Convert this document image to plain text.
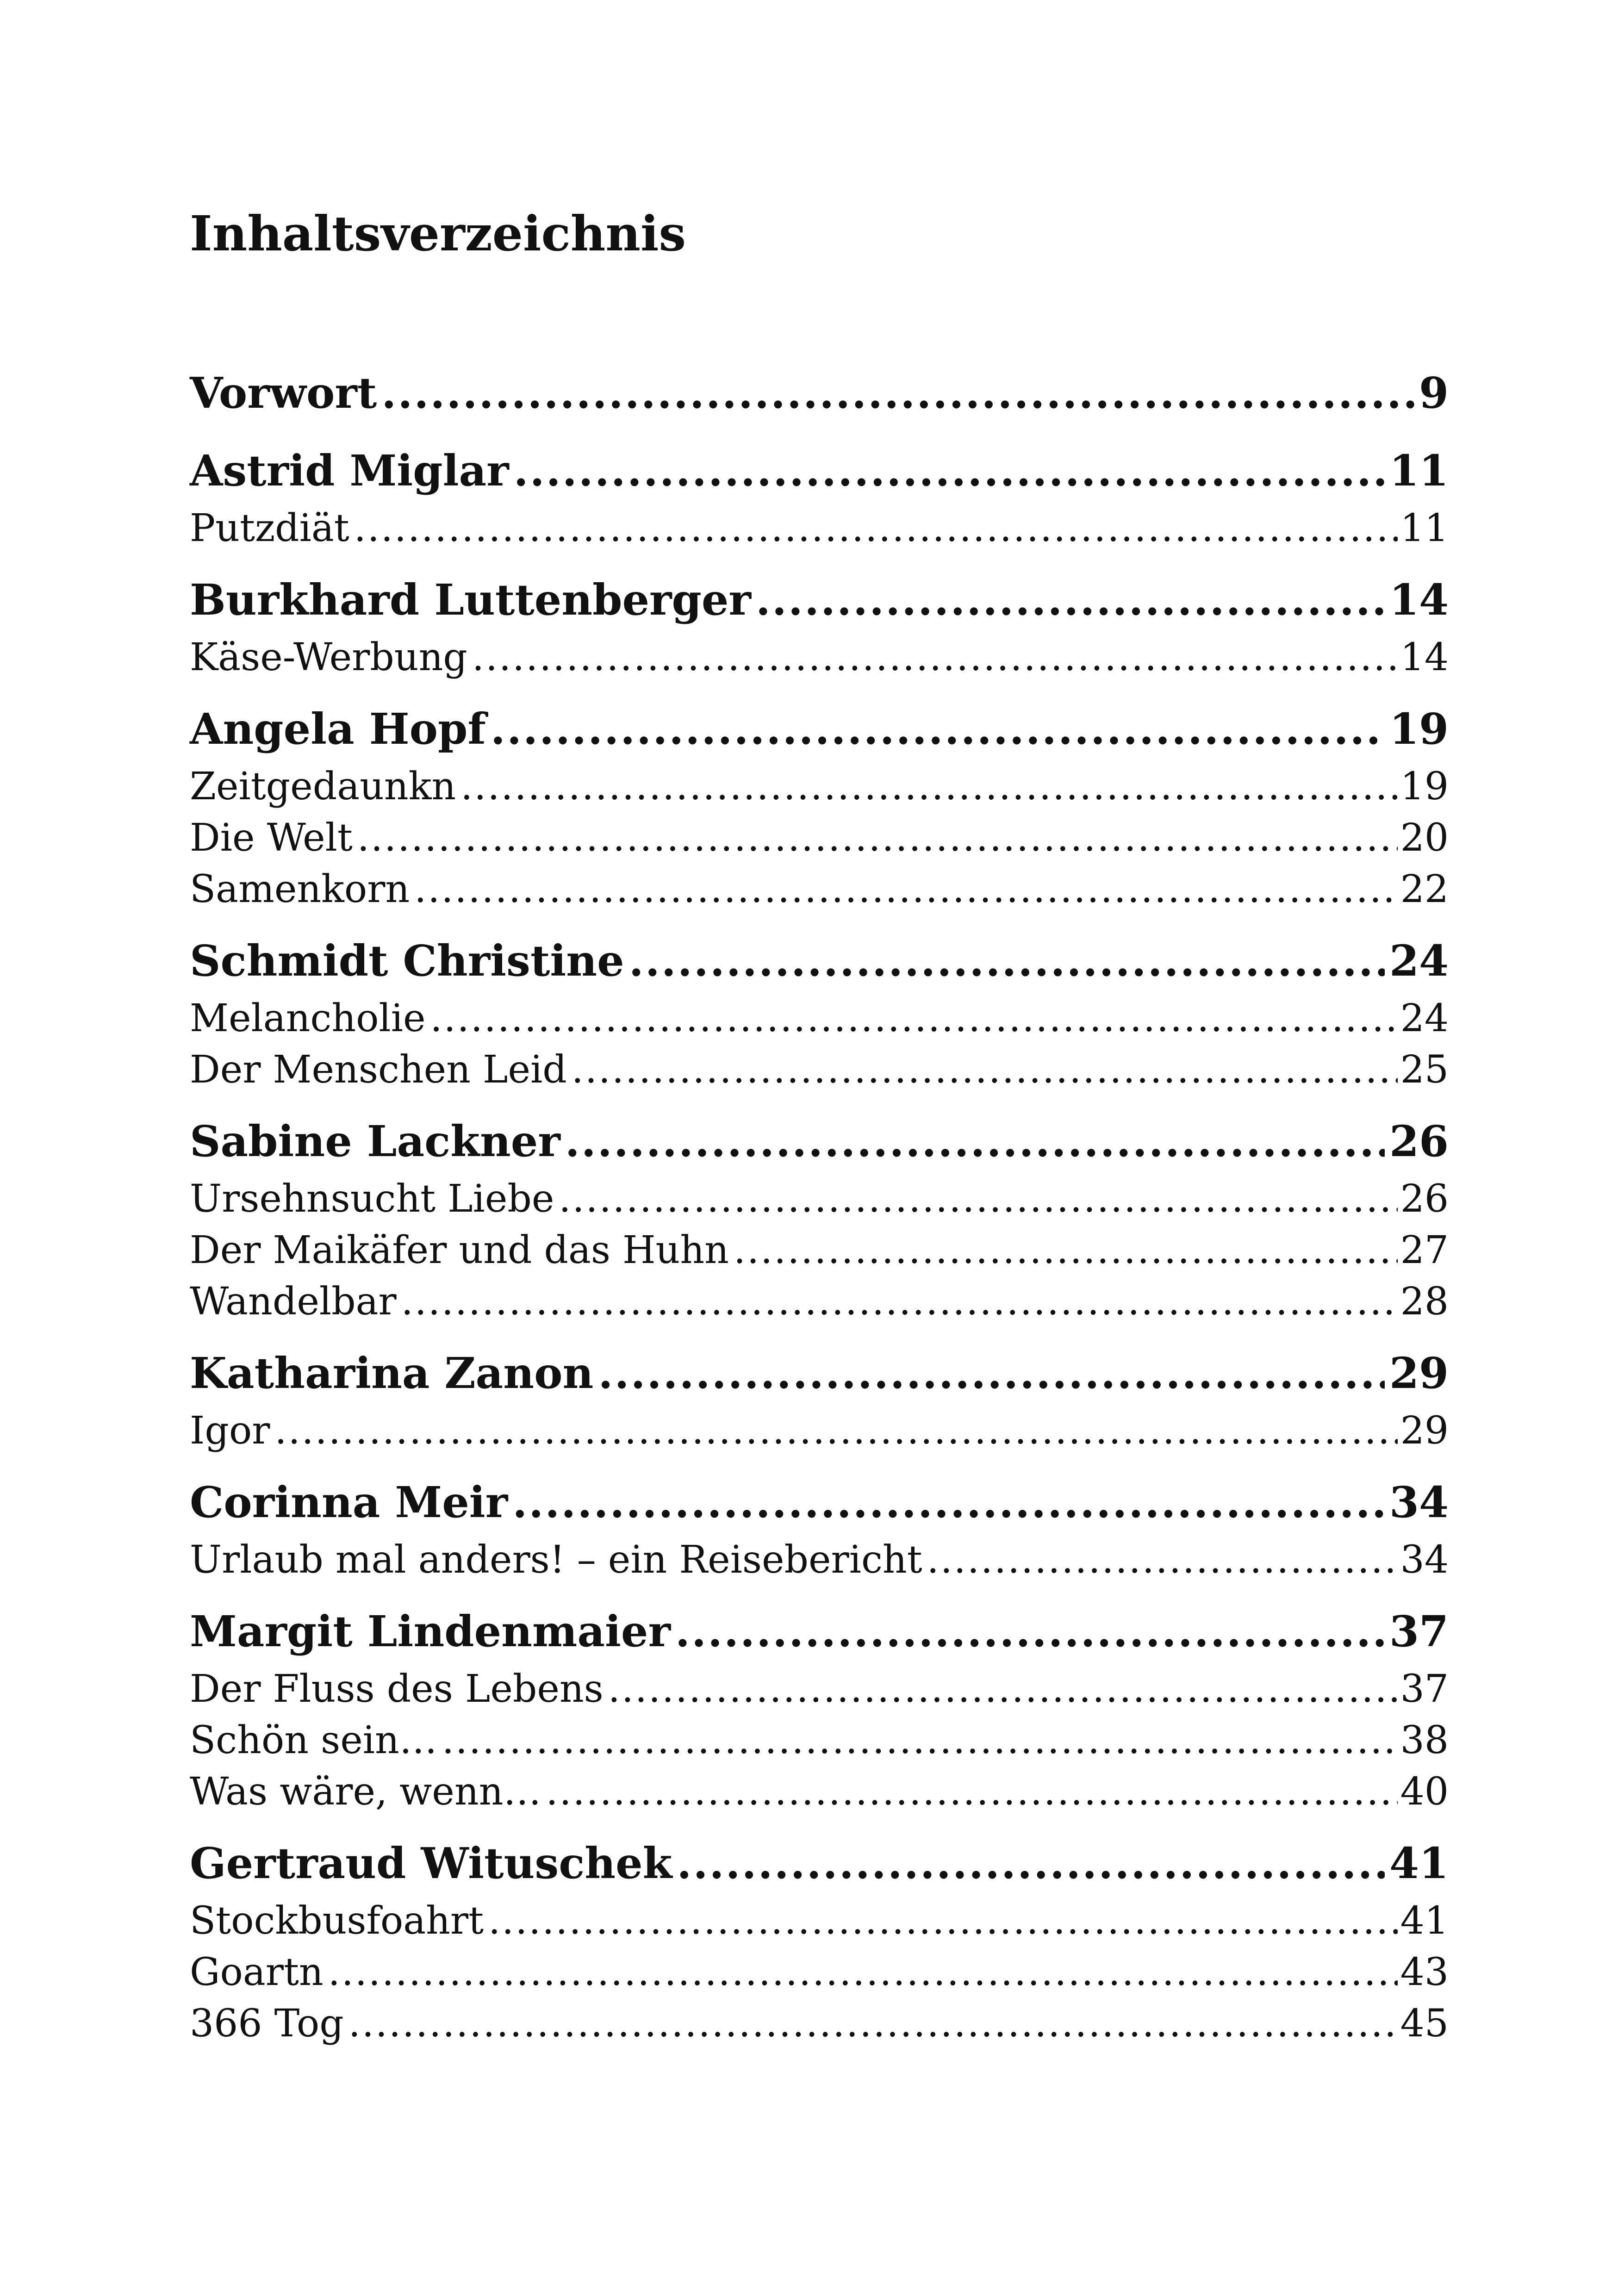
Inhaltsverzeichnis
Vorwort .....	9
Astrid Miglar .....	11
Putzdiät .....	11
Burkhard Luttenberger .....	14
Käse-Werbung .....	14
Angela Hopf .....	19
Zeitgedaunkn .....	19
Die Welt .....	20
Samenkorn .....	22
Schmidt Christine .....	24
Melancholie .....	24
Der Menschen Leid .....	25
Sabine Lackner .....	26
Ursehnsucht Liebe .....	26
Der Maikäfer und das Huhn .....	27
Wandelbar .....	28
Katharina Zanon .....	29
Igor .....	29
Corinna Meir .....	34
Urlaub mal anders! – ein Reisebericht .....	34
Margit Lindenmaier .....	37
Der Fluss des Lebens .....	37
Schön sein… .....	38
Was wäre, wenn… .....	40
Gertraud Wituschek .....	41
Stockbusfoahrt .....	41
Goartn .....	43
366 Tog .....	45
